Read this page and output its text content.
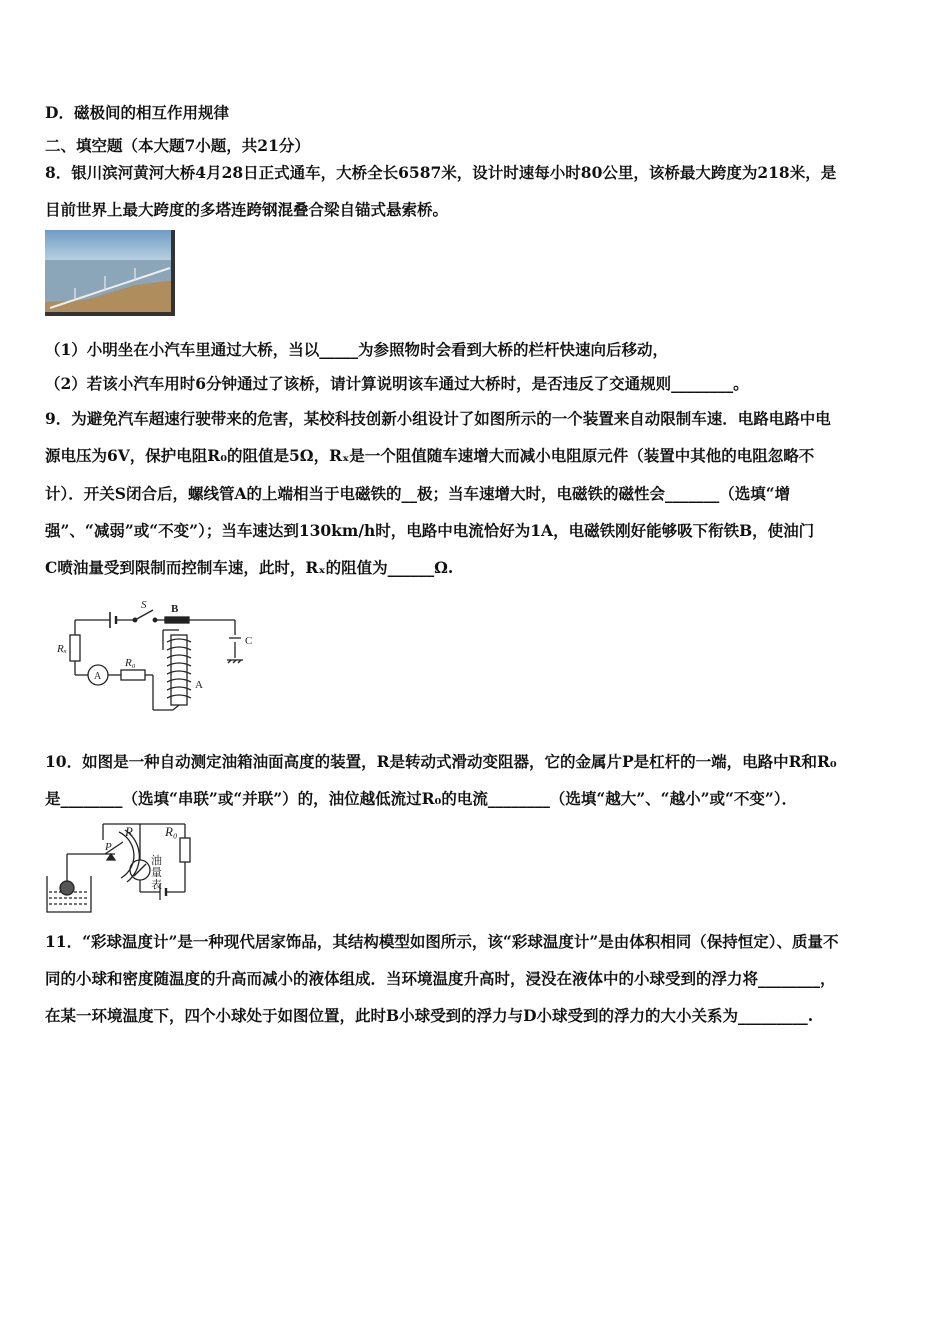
D．磁极间的相互作用规律
二、填空题（本大题7小题，共21分）
8．银川滨河黄河大桥4月28日正式通车，大桥全长6587米，设计时速每小时80公里，该桥最大跨度为218米，是
目前世界上最大跨度的多塔连跨钢混叠合梁自锚式悬索桥。
（1）小明坐在小汽车里通过大桥，当以_____为参照物时会看到大桥的栏杆快速向后移动，
（2）若该小汽车用时6分钟通过了该桥，请计算说明该车通过大桥时，是否违反了交通规则________。
9．为避免汽车超速行驶带来的危害，某校科技创新小组设计了如图所示的一个装置来自动限制车速．电路电路中电
源电压为6V，保护电阻R₀的阻值是5Ω，Rₓ是一个阻值随车速增大而减小电阻原元件（装置中其他的电阻忽略不
计）．开关S闭合后，螺线管A的上端相当于电磁铁的__极；当车速增大时，电磁铁的磁性会_______（选填“增
强”、“减弱”或“不变”）；当车速达到130km/h时，电路中电流恰好为1A，电磁铁刚好能够吸下衔铁B，使油门
C喷油量受到限制而控制车速，此时，Rₓ的阻值为______Ω.
S B
C
A
Rₓ
R₀
A
10．如图是一种自动测定油箱油面高度的装置，R是转动式滑动变阻器，它的金属片P是杠杆的一端，电路中R和R₀
是________（选填“串联”或“并联”）的，油位越低流过R₀的电流________（选填“越大”、“越小”或“不变”）．
R R₀
P
油
量
表
11．“彩球温度计”是一种现代居家饰品，其结构模型如图所示，该“彩球温度计”是由体积相同（保持恒定）、质量不
同的小球和密度随温度的升高而减小的液体组成．当环境温度升高时，浸没在液体中的小球受到的浮力将________，
在某一环境温度下，四个小球处于如图位置，此时B小球受到的浮力与D小球受到的浮力的大小关系为_________.
